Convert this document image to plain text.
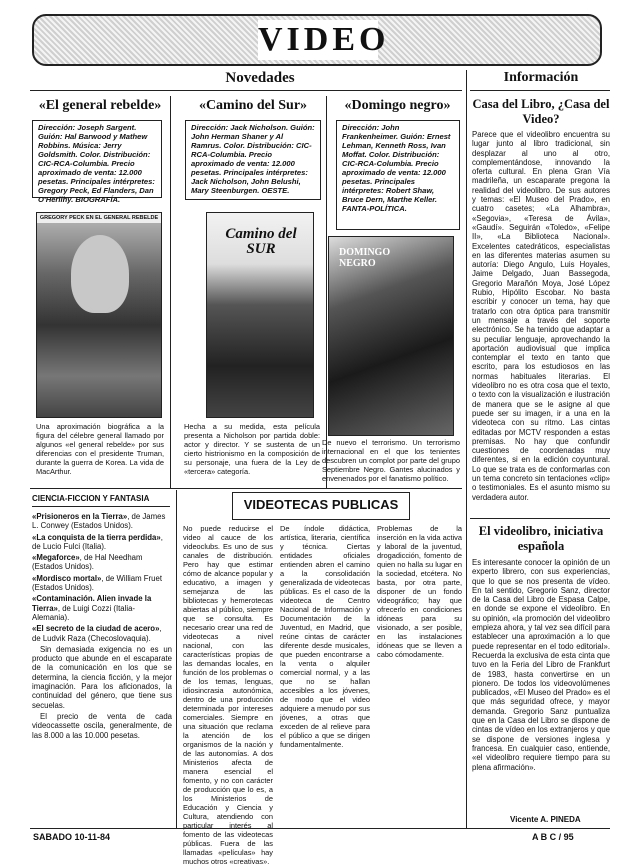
VIDEO
Novedades	Información
«El general rebelde»
Dirección: Joseph Sargent. Guión: Hal Barwood y Mathew Robbins. Música: Jerry Goldsmith. Color. Distribución: CIC-RCA-Columbia. Precio aproximado de venta: 12.000 pesetas. Principales intérpretes: Gregory Peck, Ed Flanders, Dan O'Herlihy. BIOGRAFÍA.
GREGORY PECK EN EL GENERAL REBELDE
Una aproximación biográfica a la figura del célebre general llamado por algunos «el general rebelde» por sus diferencias con el presidente Truman, durante la guerra de Korea. La vida de MacArthur.
«Camino del Sur»
Dirección: Jack Nicholson. Guión: John Herman Shaner y Al Ramrus. Color. Distribución: CIC-RCA-Columbia. Precio aproximado de venta: 12.000 pesetas. Principales intérpretes: Jack Nicholson, John Belushi, Mary Steenburgen. OESTE.
Camino del SUR
Hecha a su medida, esta película presenta a Nicholson por partida doble: actor y director. Y se sustenta de un cierto histrionismo en la composición de su personaje, una fuera de la Ley de «tercera» categoría.
«Domingo negro»
Dirección: John Frankenheimer. Guión: Ernest Lehman, Kenneth Ross, Ivan Moffat. Color. Distribución: CIC-RCA-Columbia. Precio aproximado de venta: 12.000 pesetas. Principales intérpretes: Robert Shaw, Bruce Dern, Marthe Keller. FANTA-POLÍTICA.
DOMINGO NEGRO
De nuevo el terrorismo. Un terrorismo internacional en el que los tenientes descubren un complot por parte del grupo Septiembre Negro. Gantes alucinados y envenenados por el fanatismo político.
CIENCIA-FICCION Y FANTASIA

«Prisioneros en la Tierra», de James L. Conwey (Estados Unidos).

«La conquista de la tierra perdida», de Lucio Fulci (Italia).

«Megaforce», de Hal Needham (Estados Unidos).

«Mordisco mortal», de William Fruet (Estados Unidos).

«Contaminación. Alien invade la Tierra», de Luigi Cozzi (Italia-Alemania).

«El secreto de la ciudad de acero», de Ludvik Raza (Checoslovaquia).

Sin demasiada exigencia no es un producto que abunde en el escaparate de la comunicación en los que se determina, la ciencia ficción, y la mejor imaginación. Para los aficionados, la continuidad del género, que tiene sus secuelas.

El precio de venta de cada videocassette oscila, generalmente, de las 8.000 a las 10.000 pesetas.

VIDEOTECAS PUBLICAS
No puede reducirse el video al cauce de los videoclubs. Es uno de sus canales de distribución. Pero hay que estimar cómo de alcance popular y educativo, a imagen y semejanza de las bibliotecas y hemerotecas abiertas al público, siempre que se consulta. Es necesario crear una red de videotecas a nivel nacional, con las características propias de las demandas locales, en función de los problemas o de los temas, lenguas, idiosincrasia autonómica, dentro de una producción determinada por intereses comerciales. Siempre en una situación que reclama la atención de los organismos de la nación y de las autonomías. A dos Ministerios afecta de manera esencial el fomento, y no con carácter de producción que lo es, a los Ministerios de Educación y Ciencia y Cultura, atendiendo con particular interés al fomento de las videotecas públicas. Fuera de las llamadas «películas» hay muchos otros «creativas».
De índole didáctica, artística, literaria, científica y técnica. Ciertas entidades oficiales entienden abren el camino a la consolidación generalizada de videotecas públicas. Es el caso de la videoteca de Centro Nacional de Información y Documentación de la Juventud, en Madrid, que reúne cintas de carácter diferente desde musicales, que pueden encontrarse a la venta o alquiler comercial normal, y a las que no se hallan accesibles a los jóvenes, de modo que el video adquiere a menudo por sus jóvenes, a otras que exceden de al relieve para el público a que se dirigen fundamentalmente.
Problemas de la inserción en la vida activa y laboral de la juventud, drogadicción, fomento de quien no halla su lugar en la sociedad, etcétera. No basta, por otra parte, disponer de un fondo videográfico; hay que ofrecerlo en condiciones idóneas para su visionado, a ser posible, en las instalaciones idóneas que se lleven a cabo cómodamente.
Casa del Libro, ¿Casa del Video?
Parece que el videolibro encuentra su lugar junto al libro tradicional, sin desplazar al uno al otro, complementándose, innovando la oferta cultural. En plena Gran Vía madrileña, un escaparate pregona la realidad del videolibro. De sus autores y temas: «El Museo del Prado», en cuatro casetes; «La Alhambra», «Segovia», «Teresa de Ávila», «Gaudí». Seguirán «Toledo», «Felipe II», «La Biblioteca Nacional». Excelentes catedráticos, especialistas en las diferentes materias asumen su autoría: Diego Angulo, Luis Hoyales, Jaime Delgado, Juan Bassegoda, Gregorio Marañón Moya, José López Rubio, Hipólito Escobar. No basta escribir y conocer un tema, hay que tratarlo con otra óptica para transmitir un mensaje a través del soporte electrónico. Se ha tenido que adaptar a su peculiar lenguaje, aprovechando la aportación audiovisual que implica contemplar el texto en tanto que escrito, para los estudiosos en las normas habituales literarias. El videolibro no es otra cosa que el texto, o texto con la visualización e ilustración de manera que se le asigne al que puede ser su imagen, ir a una en la videoteca con su ritmo. Las cintas editadas por MCTV responden a estas premisas. No hay que confundir cuestiones de coordenadas muy diferentes, si en la edición coyuntural. Lo que se trata es de conformarlas con un tema concreto sin tentaciones «clip» o testimoniales. Es el asunto mismo su verdadera autor.
El videolibro, iniciativa española
Es interesante conocer la opinión de un experto librero, con sus experiencias, que lo que se nos presenta de vídeo. En tal sentido, Gregorio Sanz, director de la Casa del Libro de Espasa Calpe, en donde se expone el videolibro. En su opinión, «la promoción del videolibro empieza ahora, y tal vez sea difícil para establecer una aproximación a lo que puede representar en el todo editorial». Recuerda la exclusiva de esta cinta que tuvo en la Feria del Libro de Frankfurt de 1983, hasta convertirse en un pionero. De todos los videovolúmenes publicados, «El Museo del Prado» es el que más seguridad ofrece, y mayor demanda. Gregorio Sanz puntualiza que en la Casa del Libro se dispone de cintas de vídeo en los extranjeros y que se dispone de versiones inglesa y francesa. En cualquier caso, entiende, «el videolibro requiere tiempo para su plena afirmación».
Vicente A. PINEDA
SABADO 10-11-84	A B C / 95
